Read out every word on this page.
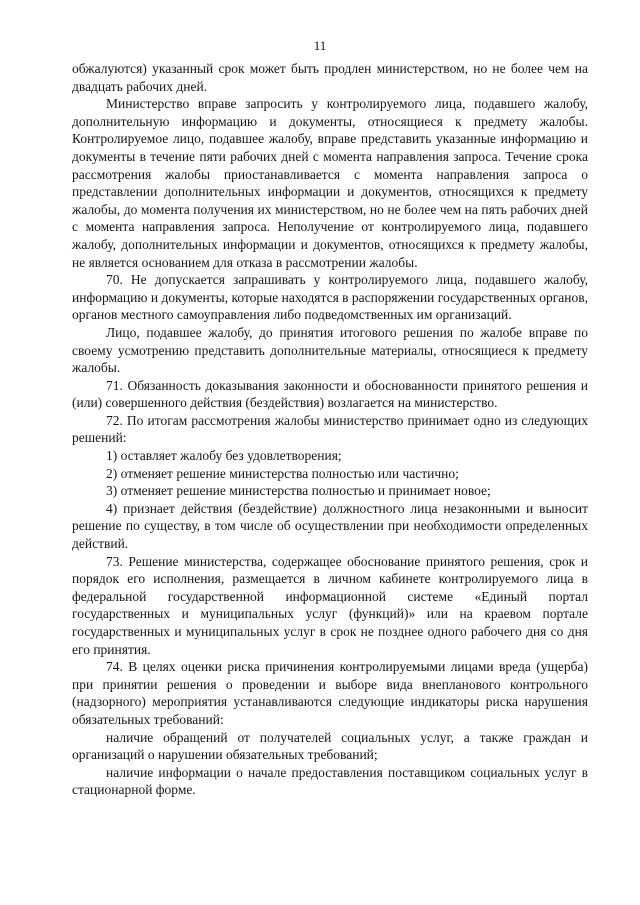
11

обжалуются) указанный срок может быть продлен министерством, но не более чем на двадцать рабочих дней.

Министерство вправе запросить у контролируемого лица, подавшего жалобу, дополнительную информацию и документы, относящиеся к предмету жалобы. Контролируемое лицо, подавшее жалобу, вправе представить указанные информацию и документы в течение пяти рабочих дней с момента направления запроса. Течение срока рассмотрения жалобы приостанавливается с момента направления запроса о представлении дополнительных информации и документов, относящихся к предмету жалобы, до момента получения их министерством, но не более чем на пять рабочих дней с момента направления запроса. Неполучение от контролируемого лица, подавшего жалобу, дополнительных информации и документов, относящихся к предмету жалобы, не является основанием для отказа в рассмотрении жалобы.

70. Не допускается запрашивать у контролируемого лица, подавшего жалобу, информацию и документы, которые находятся в распоряжении государственных органов, органов местного самоуправления либо подведомственных им организаций.

Лицо, подавшее жалобу, до принятия итогового решения по жалобе вправе по своему усмотрению представить дополнительные материалы, относящиеся к предмету жалобы.

71. Обязанность доказывания законности и обоснованности принятого решения и (или) совершенного действия (бездействия) возлагается на министерство.

72. По итогам рассмотрения жалобы министерство принимает одно из следующих решений:

1) оставляет жалобу без удовлетворения;

2) отменяет решение министерства полностью или частично;

3) отменяет решение министерства полностью и принимает новое;

4) признает действия (бездействие) должностного лица незаконными и выносит решение по существу, в том числе об осуществлении при необходимости определенных действий.

73. Решение министерства, содержащее обоснование принятого решения, срок и порядок его исполнения, размещается в личном кабинете контролируемого лица в федеральной государственной информационной системе «Единый портал государственных и муниципальных услуг (функций)» или на краевом портале государственных и муниципальных услуг в срок не позднее одного рабочего дня со дня его принятия.

74. В целях оценки риска причинения контролируемыми лицами вреда (ущерба) при принятии решения о проведении и выборе вида внепланового контрольного (надзорного) мероприятия устанавливаются следующие индикаторы риска нарушения обязательных требований:

наличие обращений от получателей социальных услуг, а также граждан и организаций о нарушении обязательных требований;

наличие информации о начале предоставления поставщиком социальных услуг в стационарной форме.
